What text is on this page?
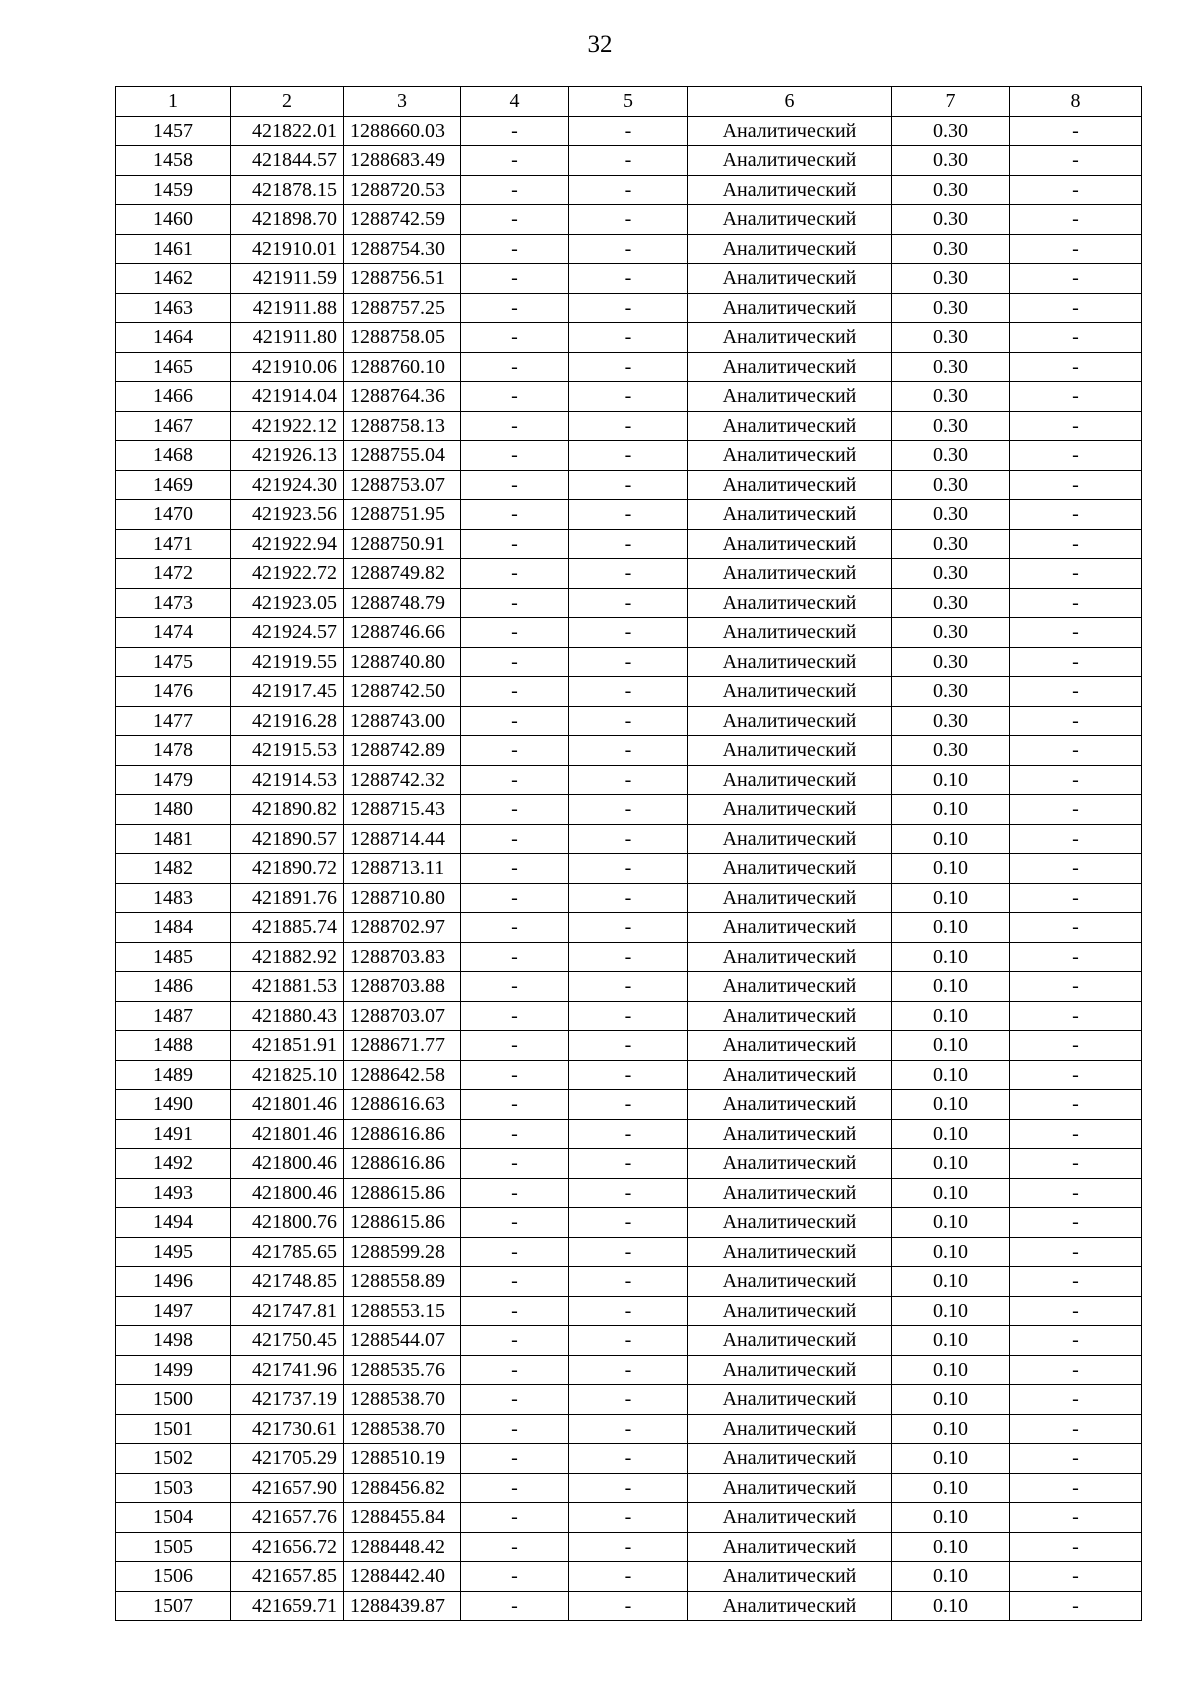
32
1	2	3	4	5	6	7	8
1457	421822.01	1288660.03	-	-	Аналитический	0.30	-
1458	421844.57	1288683.49	-	-	Аналитический	0.30	-
1459	421878.15	1288720.53	-	-	Аналитический	0.30	-
1460	421898.70	1288742.59	-	-	Аналитический	0.30	-
1461	421910.01	1288754.30	-	-	Аналитический	0.30	-
1462	421911.59	1288756.51	-	-	Аналитический	0.30	-
1463	421911.88	1288757.25	-	-	Аналитический	0.30	-
1464	421911.80	1288758.05	-	-	Аналитический	0.30	-
1465	421910.06	1288760.10	-	-	Аналитический	0.30	-
1466	421914.04	1288764.36	-	-	Аналитический	0.30	-
1467	421922.12	1288758.13	-	-	Аналитический	0.30	-
1468	421926.13	1288755.04	-	-	Аналитический	0.30	-
1469	421924.30	1288753.07	-	-	Аналитический	0.30	-
1470	421923.56	1288751.95	-	-	Аналитический	0.30	-
1471	421922.94	1288750.91	-	-	Аналитический	0.30	-
1472	421922.72	1288749.82	-	-	Аналитический	0.30	-
1473	421923.05	1288748.79	-	-	Аналитический	0.30	-
1474	421924.57	1288746.66	-	-	Аналитический	0.30	-
1475	421919.55	1288740.80	-	-	Аналитический	0.30	-
1476	421917.45	1288742.50	-	-	Аналитический	0.30	-
1477	421916.28	1288743.00	-	-	Аналитический	0.30	-
1478	421915.53	1288742.89	-	-	Аналитический	0.30	-
1479	421914.53	1288742.32	-	-	Аналитический	0.10	-
1480	421890.82	1288715.43	-	-	Аналитический	0.10	-
1481	421890.57	1288714.44	-	-	Аналитический	0.10	-
1482	421890.72	1288713.11	-	-	Аналитический	0.10	-
1483	421891.76	1288710.80	-	-	Аналитический	0.10	-
1484	421885.74	1288702.97	-	-	Аналитический	0.10	-
1485	421882.92	1288703.83	-	-	Аналитический	0.10	-
1486	421881.53	1288703.88	-	-	Аналитический	0.10	-
1487	421880.43	1288703.07	-	-	Аналитический	0.10	-
1488	421851.91	1288671.77	-	-	Аналитический	0.10	-
1489	421825.10	1288642.58	-	-	Аналитический	0.10	-
1490	421801.46	1288616.63	-	-	Аналитический	0.10	-
1491	421801.46	1288616.86	-	-	Аналитический	0.10	-
1492	421800.46	1288616.86	-	-	Аналитический	0.10	-
1493	421800.46	1288615.86	-	-	Аналитический	0.10	-
1494	421800.76	1288615.86	-	-	Аналитический	0.10	-
1495	421785.65	1288599.28	-	-	Аналитический	0.10	-
1496	421748.85	1288558.89	-	-	Аналитический	0.10	-
1497	421747.81	1288553.15	-	-	Аналитический	0.10	-
1498	421750.45	1288544.07	-	-	Аналитический	0.10	-
1499	421741.96	1288535.76	-	-	Аналитический	0.10	-
1500	421737.19	1288538.70	-	-	Аналитический	0.10	-
1501	421730.61	1288538.70	-	-	Аналитический	0.10	-
1502	421705.29	1288510.19	-	-	Аналитический	0.10	-
1503	421657.90	1288456.82	-	-	Аналитический	0.10	-
1504	421657.76	1288455.84	-	-	Аналитический	0.10	-
1505	421656.72	1288448.42	-	-	Аналитический	0.10	-
1506	421657.85	1288442.40	-	-	Аналитический	0.10	-
1507	421659.71	1288439.87	-	-	Аналитический	0.10	-
